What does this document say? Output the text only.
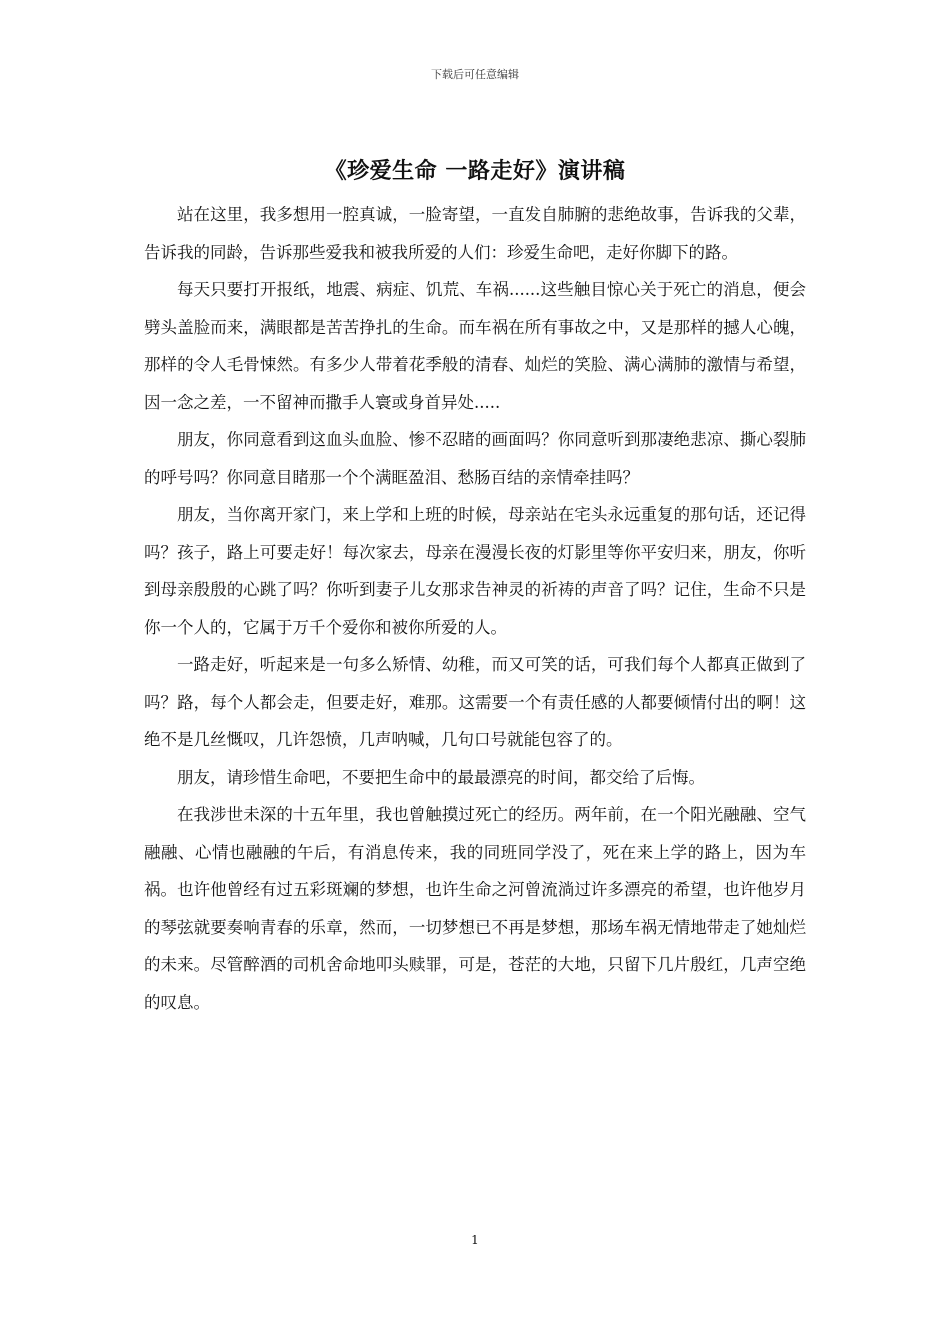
下载后可任意编辑
《珍爱生命 一路走好》演讲稿

站在这里，我多想用一腔真诚，一脸寄望，一直发自肺腑的悲绝故事，告诉我的父辈，告诉我的同龄，告诉那些爱我和被我所爱的人们：珍爱生命吧，走好你脚下的路。

每天只要打开报纸，地震、病症、饥荒、车祸......这些触目惊心关于死亡的消息，便会劈头盖脸而来，满眼都是苦苦挣扎的生命。而车祸在所有事故之中，又是那样的撼人心魄，那样的令人毛骨悚然。有多少人带着花季般的清春、灿烂的笑脸、满心满肺的激情与希望，因一念之差，一不留神而撒手人寰或身首异处.....

朋友，你同意看到这血头血脸、惨不忍睹的画面吗？你同意听到那凄绝悲凉、撕心裂肺的呼号吗？你同意目睹那一个个满眶盈泪、愁肠百结的亲情牵挂吗？

朋友，当你离开家门，来上学和上班的时候，母亲站在宅头永远重复的那句话，还记得吗？孩子，路上可要走好！每次家去，母亲在漫漫长夜的灯影里等你平安归来，朋友，你听到母亲殷殷的心跳了吗？你听到妻子儿女那求告神灵的祈祷的声音了吗？记住，生命不只是你一个人的，它属于万千个爱你和被你所爱的人。

一路走好，听起来是一句多么矫情、幼稚，而又可笑的话，可我们每个人都真正做到了吗？路，每个人都会走，但要走好，难那。这需要一个有责任感的人都要倾情付出的啊！这绝不是几丝慨叹，几许怨愤，几声呐喊，几句口号就能包容了的。

朋友，请珍惜生命吧，不要把生命中的最最漂亮的时间，都交给了后悔。

在我涉世未深的十五年里，我也曾触摸过死亡的经历。两年前，在一个阳光融融、空气融融、心情也融融的午后，有消息传来，我的同班同学没了，死在来上学的路上，因为车祸。也许他曾经有过五彩斑斓的梦想，也许生命之河曾流淌过许多漂亮的希望，也许他岁月的琴弦就要奏响青春的乐章，然而，一切梦想已不再是梦想，那场车祸无情地带走了她灿烂的未来。尽管醉酒的司机舍命地叩头赎罪，可是，苍茫的大地，只留下几片殷红，几声空绝的叹息。

1
